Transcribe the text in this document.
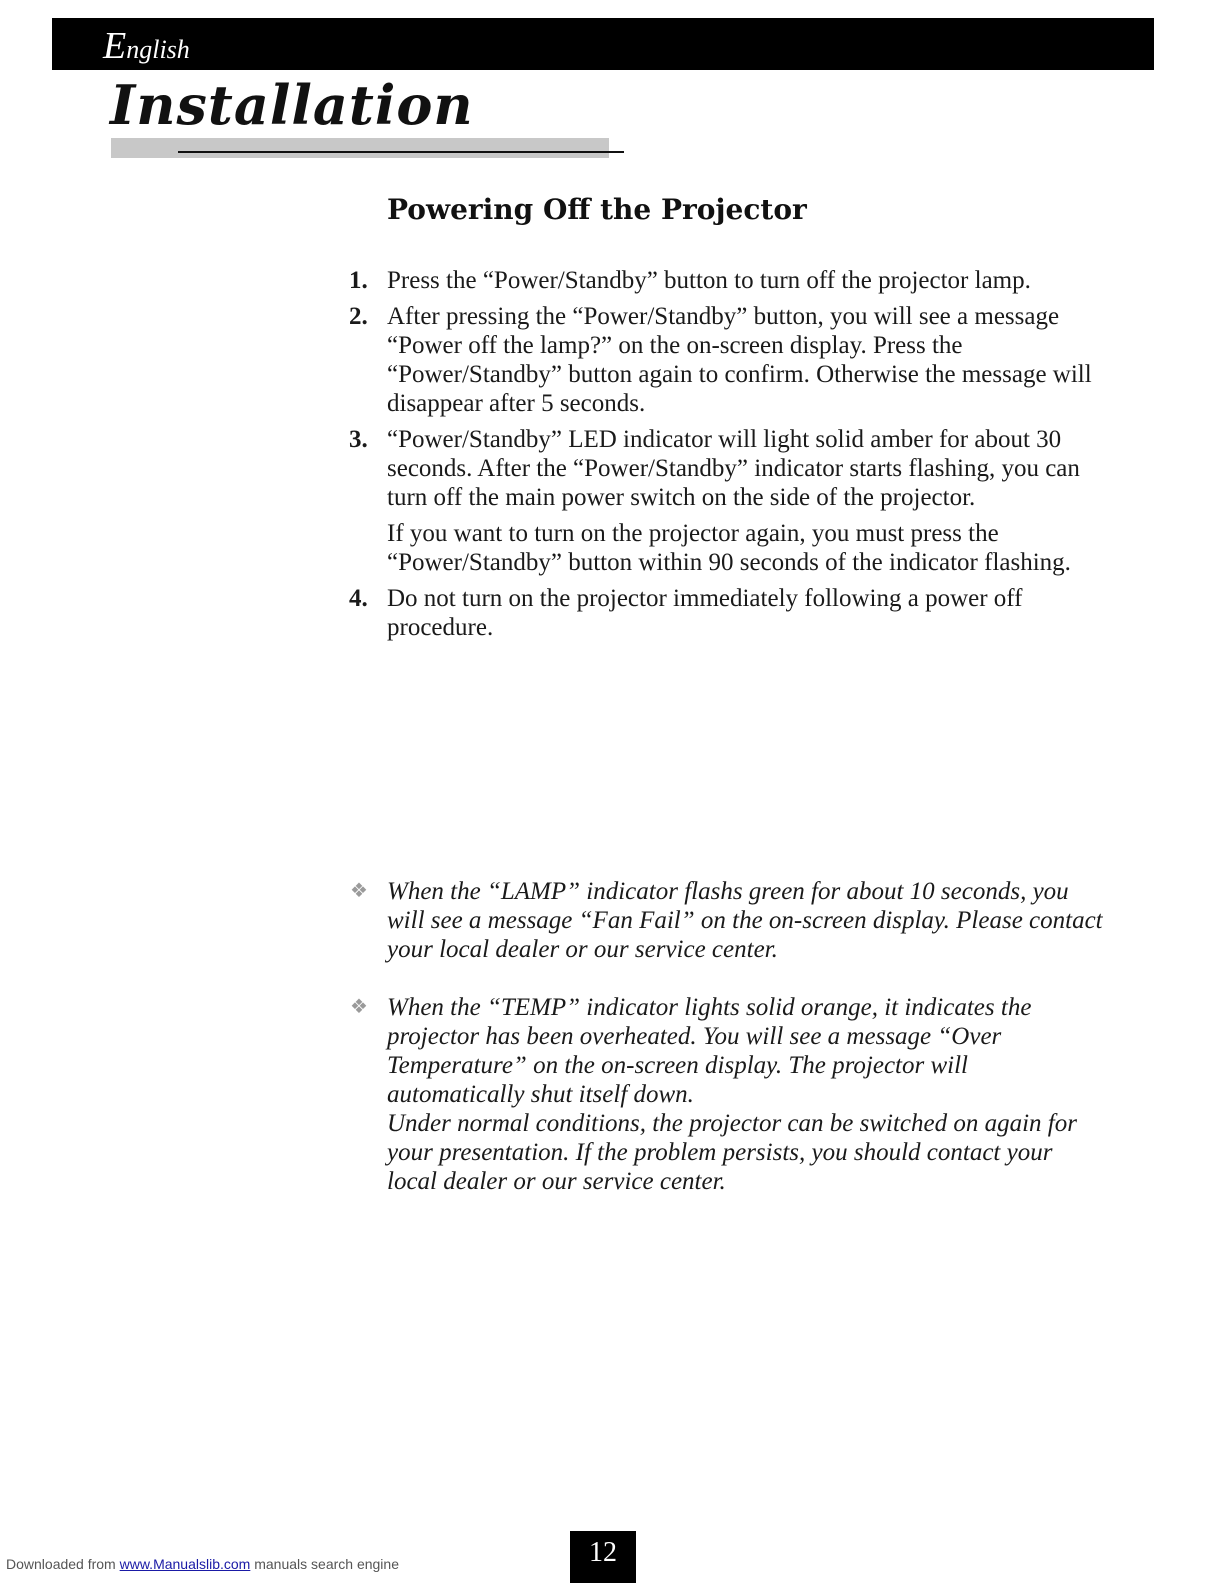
English
Installation
Powering Off the Projector
1. Press the “Power/Standby” button to turn off the projector lamp.
2. After pressing the “Power/Standby” button, you will see a message “Power off the lamp?” on the on-screen display. Press the “Power/Standby” button again to confirm. Otherwise the message will disappear after 5 seconds.
3. “Power/Standby” LED indicator will light solid amber for about 30 seconds. After the “Power/Standby” indicator starts flashing, you can turn off the main power switch on the side of the projector.
If you want to turn on the projector again, you must press the “Power/Standby” button within 90 seconds of the indicator flashing.
4. Do not turn on the projector immediately following a power off procedure.
❖ When the “LAMP” indicator flashs green for about 10 seconds, you will see a message “Fan Fail” on the on-screen display. Please contact your local dealer or our service center.
❖ When the “TEMP” indicator lights solid orange, it indicates the projector has been overheated. You will see a message “Over Temperature” on the on-screen display. The projector will automatically shut itself down.
Under normal conditions, the projector can be switched on again for your presentation. If the problem persists, you should contact your local dealer or our service center.
12
Downloaded from www.Manualslib.com manuals search engine
